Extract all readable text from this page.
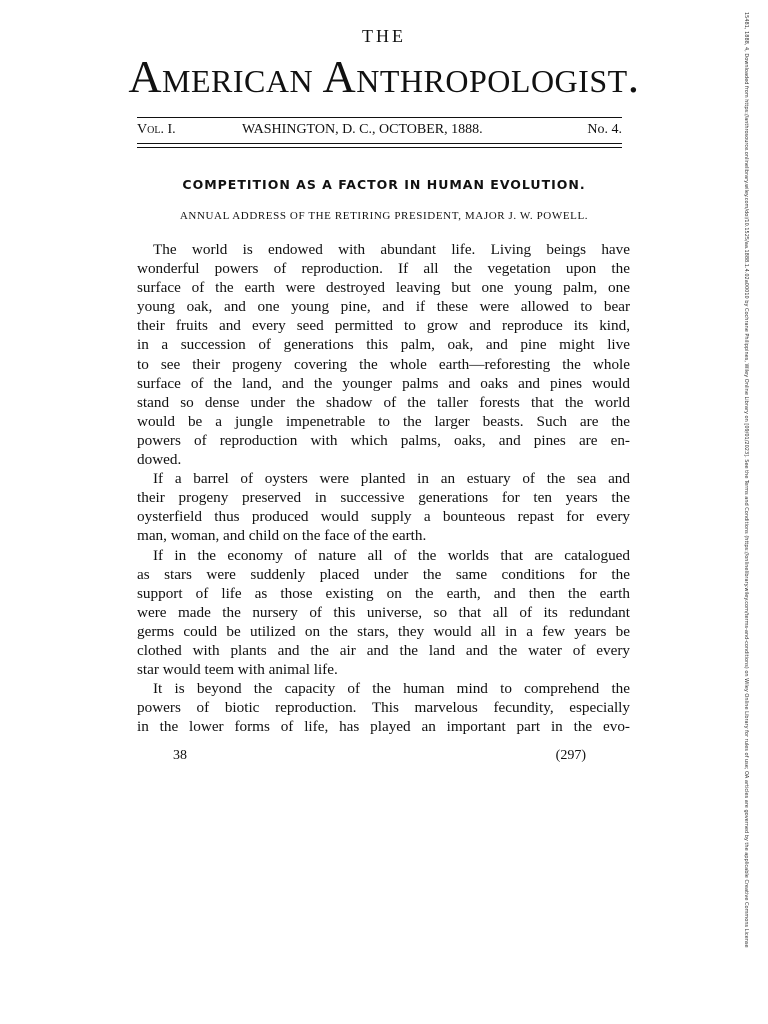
THE
American Anthropologist.
Vol. I.	WASHINGTON, D. C., OCTOBER, 1888.	No. 4.
COMPETITION AS A FACTOR IN HUMAN EVOLUTION.
ANNUAL ADDRESS OF THE RETIRING PRESIDENT, MAJOR J. W. POWELL.
The world is endowed with abundant life. Living beings have
wonderful powers of reproduction. If all the vegetation upon the
surface of the earth were destroyed leaving but one young palm, one
young oak, and one young pine, and if these were allowed to bear
their fruits and every seed permitted to grow and reproduce its kind,
in a succession of generations this palm, oak, and pine might live
to see their progeny covering the whole earth—reforesting the whole
surface of the land, and the younger palms and oaks and pines would
stand so dense under the shadow of the taller forests that the world
would be a jungle impenetrable to the larger beasts. Such are the
powers of reproduction with which palms, oaks, and pines are en-
dowed.
If a barrel of oysters were planted in an estuary of the sea and
their progeny preserved in successive generations for ten years the
oysterfield thus produced would supply a bounteous repast for every
man, woman, and child on the face of the earth.
If in the economy of nature all of the worlds that are catalogued
as stars were suddenly placed under the same conditions for the
support of life as those existing on the earth, and then the earth
were made the nursery of this universe, so that all of its redundant
germs could be utilized on the stars, they would all in a few years be
clothed with plants and the air and the land and the water of every
star would teem with animal life.
It is beyond the capacity of the human mind to comprehend the
powers of biotic reproduction. This marvelous fecundity, especially
in the lower forms of life, has played an important part in the evo-
38	(297)	15481, 1888, 4, Downloaded from https://anthrosource.onlinelibrary.wiley.com/doi/10.1525/aa.1888.1.4.02a00010 by Cochrane Philippines, Wiley Online Library on [09/01/2023]. See the Terms and Conditions (https://onlinelibrary.wiley.com/terms-and-conditions) on Wiley Online Library for rules of use; OA articles are governed by the applicable Creative Commons License
